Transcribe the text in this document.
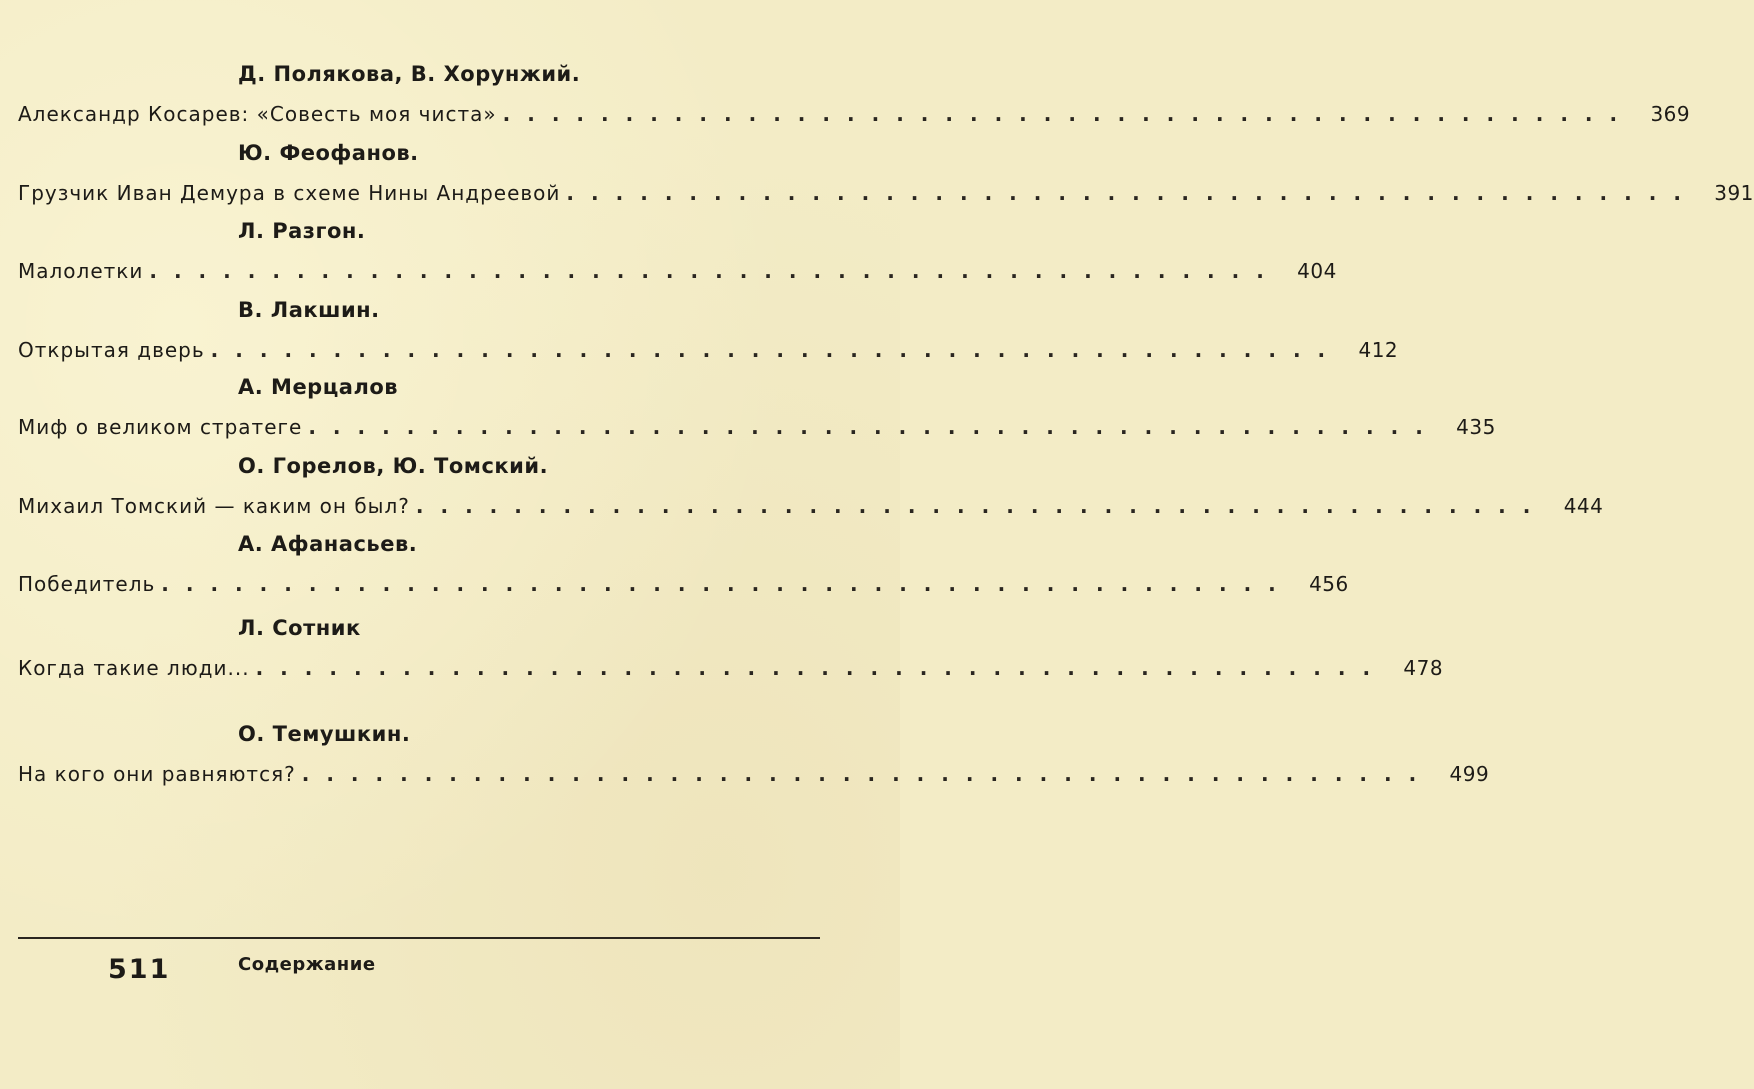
Д. Полякова, В. Хорунжий.
Александр Косарев: «Совесть моя чиста» .............................................. 369
Ю. Феофанов.
Грузчик Иван Демура в схеме Нины Андреевой .............................................. 391
Л. Разгон.
Малолетки .............................................. 404
В. Лакшин.
Открытая дверь .............................................. 412
А. Мерцалов
Миф о великом стратеге .............................................. 435
О. Горелов, Ю. Томский.
Михаил Томский — каким он был? .............................................. 444
А. Афанасьев.
Победитель .............................................. 456
Л. Сотник
Когда такие люди... .............................................. 478
О. Темушкин.
На кого они равняются? .............................................. 499
511	Содержание
